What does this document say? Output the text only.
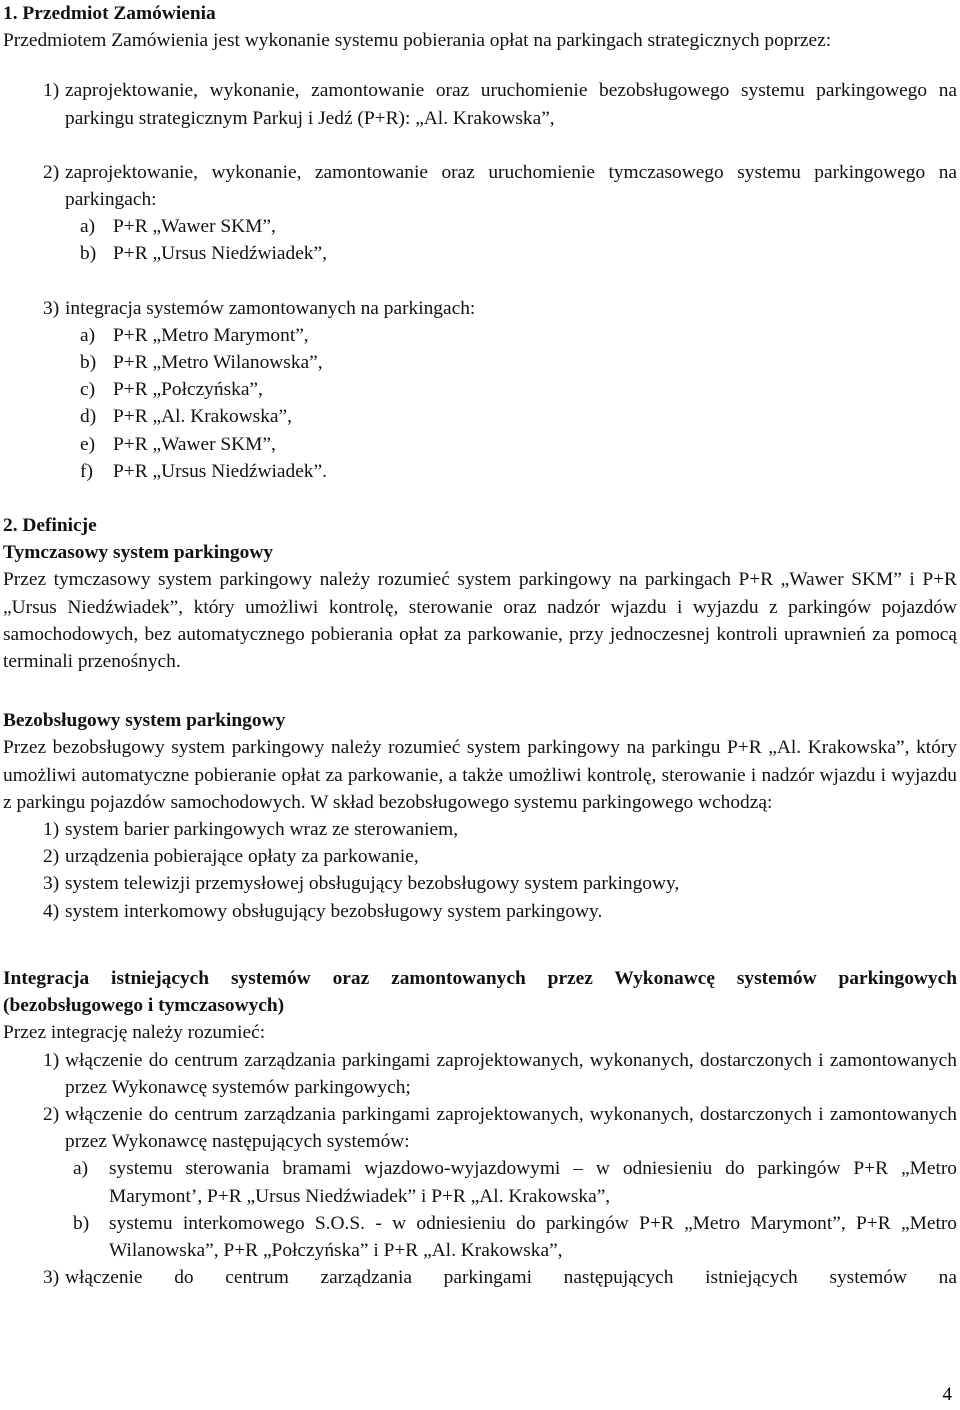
1. Przedmiot Zamówienia

Przedmiotem Zamówienia jest wykonanie systemu pobierania opłat na parkingach strategicznych poprzez:

1) zaprojektowanie, wykonanie, zamontowanie oraz uruchomienie bezobsługowego systemu parkingowego na parkingu strategicznym Parkuj i Jedź (P+R): „Al. Krakowska”,
2) zaprojektowanie, wykonanie, zamontowanie oraz uruchomienie tymczasowego systemu parkingowego na parkingach:
a) P+R „Wawer SKM”,
b) P+R „Ursus Niedźwiadek”,
3) integracja systemów zamontowanych na parkingach:
a) P+R „Metro Marymont”,
b) P+R „Metro Wilanowska”,
c) P+R „Połczyńska”,
d) P+R „Al. Krakowska”,
e) P+R „Wawer SKM”,
f) P+R „Ursus Niedźwiadek”.

2. Definicje

Tymczasowy system parkingowy

Przez tymczasowy system parkingowy należy rozumieć system parkingowy na parkingach P+R „Wawer SKM” i P+R „Ursus Niedźwiadek”, który umożliwi kontrolę, sterowanie oraz nadzór wjazdu i wyjazdu z parkingów pojazdów samochodowych, bez automatycznego pobierania opłat za parkowanie, przy jednoczesnej kontroli uprawnień za pomocą terminali przenośnych.

Bezobsługowy system parkingowy

Przez bezobsługowy system parkingowy należy rozumieć system parkingowy na parkingu P+R „Al. Krakowska”, który umożliwi automatyczne pobieranie opłat za parkowanie, a także umożliwi kontrolę, sterowanie i nadzór wjazdu i wyjazdu z parkingu pojazdów samochodowych. W skład bezobsługowego systemu parkingowego wchodzą:

1) system barier parkingowych wraz ze sterowaniem,
2) urządzenia pobierające opłaty za parkowanie,
3) system telewizji przemysłowej obsługujący bezobsługowy system parkingowy,
4) system interkomowy obsługujący bezobsługowy system parkingowy.

Integracja istniejących systemów oraz zamontowanych przez Wykonawcę systemów parkingowych (bezobsługowego i tymczasowych)

Przez integrację należy rozumieć:

1) włączenie do centrum zarządzania parkingami zaprojektowanych, wykonanych, dostarczonych i zamontowanych przez Wykonawcę systemów parkingowych;
2) włączenie do centrum zarządzania parkingami zaprojektowanych, wykonanych, dostarczonych i zamontowanych przez Wykonawcę następujących systemów:
a) systemu sterowania bramami wjazdowo-wyjazdowymi – w odniesieniu do parkingów P+R „Metro Marymont’, P+R „Ursus Niedźwiadek” i P+R „Al. Krakowska”,
b) systemu interkomowego S.O.S. - w odniesieniu do parkingów P+R „Metro Marymont”, P+R „Metro Wilanowska”, P+R „Połczyńska” i P+R „Al. Krakowska”,
3) włączenie do centrum zarządzania parkingami następujących istniejących systemów na
4
